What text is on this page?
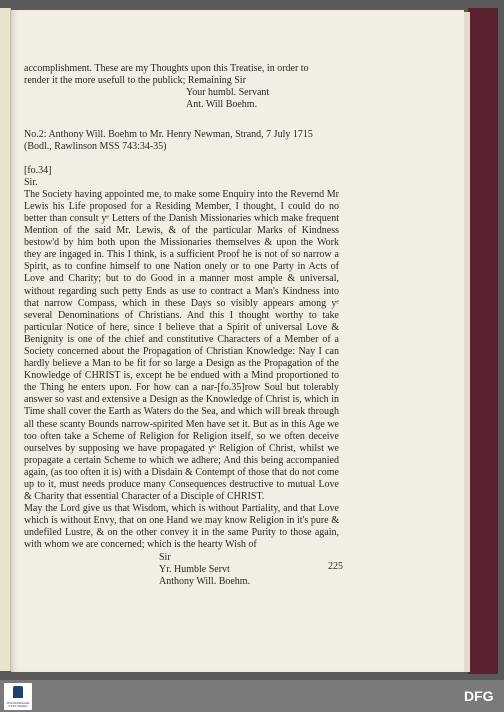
accomplishment. These are my Thoughts upon this Treatise, in order to

render it the more usefull to the publick; Remaining Sir

Your humbl. Servant

Ant. Will Boehm.

No.2: Anthony Will. Boehm to Mr. Henry Newman, Strand, 7 July 1715

(Bodl., Rawlinson MSS 743:34-35)

[fo.34]

Sir.

The Society having appointed me, to make some Enquiry into the Revernd Mr Lewis his Life proposed for a Residing Member, I thought, I could do no better than consult yᵉ Letters of the Danish Missionaries which make frequent Mention of the said Mr. Lewis, & of the particular Marks of Kindness bestow'd by him both upon the Missionaries themselves & upon the Work they are ingaged in. This I think, is a sufficient Proof he is not of so narrow a Spirit, as to confine himself to one Nation onely or to one Party in Acts of Love and Charity; but to do Good in a manner most ample & universal, without regarding such petty Ends as use to contract a Man's Kindness into that narrow Compass, which in these Days so visibly appears among yᵉ several Denominations of Christians. And this I thought worthy to take particular Notice of here, since I believe that a Spirit of universal Love & Benignity is one of the chief and constitutive Characters of a Member of a Society concerned about the Propagation of Christian Knowledge: Nay I can hardly believe a Man to be fit for so large a Design as the Propagation of the Knowledge of CHRIST is, except he be endued with a Mind proportioned to the Thing he enters upon. For how can a nar-[fo.35]row Soul but tolerably answer so vast and extensive a Design as the Knowledge of Christ is, which in Time shall cover the Earth as Waters do the Sea, and which will break through all these scanty Bounds narrow-spirited Men have set it. But as in this Age we too often take a Scheme of Religion for Religion itself, so we often deceive ourselves by supposing we have propagated yᵉ Religion of Christ, whilst we propagate a certain Scheme to which we adhere; And this being accompanied again, (as too often it is) with a Disdain & Contempt of those that do not come up to it, must needs produce many Consequences destructive to mutual Love & Charity that essential Character of a Disciple of CHRIST.

May the Lord give us that Wisdom, which is without Partiality, and that Love which is without Envy, that on one Hand we may know Religion in it's pure & undefiled Lustre, & on the other convey it in the same Purity to those again, with whom we are concerned; which is the hearty Wish of

Sir

Yr. Humble Servt

Anthony Will. Boehm.

225
FRANCKESCHE STIFTUNGEN
DFG
